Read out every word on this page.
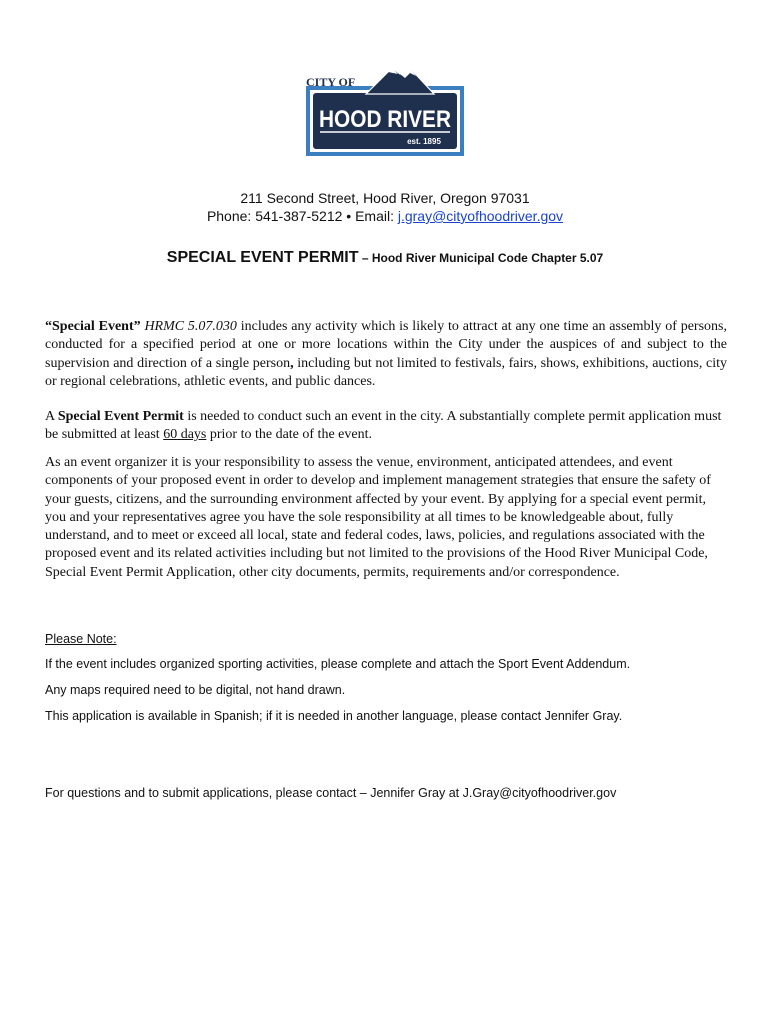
CITY OF
HOOD RIVER
est. 1895
211 Second Street, Hood River, Oregon 97031
Phone: 541-387-5212 • Email: j.gray@cityofhoodriver.gov
SPECIAL EVENT PERMIT – Hood River Municipal Code Chapter 5.07
“Special Event” HRMC 5.07.030 includes any activity which is likely to attract at any one time an assembly of persons, conducted for a specified period at one or more locations within the City under the auspices of and subject to the supervision and direction of a single person, including but not limited to festivals, fairs, shows, exhibitions, auctions, city or regional celebrations, athletic events, and public dances.
A Special Event Permit is needed to conduct such an event in the city. A substantially complete permit application must be submitted at least 60 days prior to the date of the event.
As an event organizer it is your responsibility to assess the venue, environment, anticipated attendees, and event components of your proposed event in order to develop and implement management strategies that ensure the safety of your guests, citizens, and the surrounding environment affected by your event. By applying for a special event permit, you and your representatives agree you have the sole responsibility at all times to be knowledgeable about, fully understand, and to meet or exceed all local, state and federal codes, laws, policies, and regulations associated with the proposed event and its related activities including but not limited to the provisions of the Hood River Municipal Code, Special Event Permit Application, other city documents, permits, requirements and/or correspondence.
Please Note:
If the event includes organized sporting activities, please complete and attach the Sport Event Addendum.
Any maps required need to be digital, not hand drawn.
This application is available in Spanish; if it is needed in another language, please contact Jennifer Gray.
For questions and to submit applications, please contact – Jennifer Gray at J.Gray@cityofhoodriver.gov
